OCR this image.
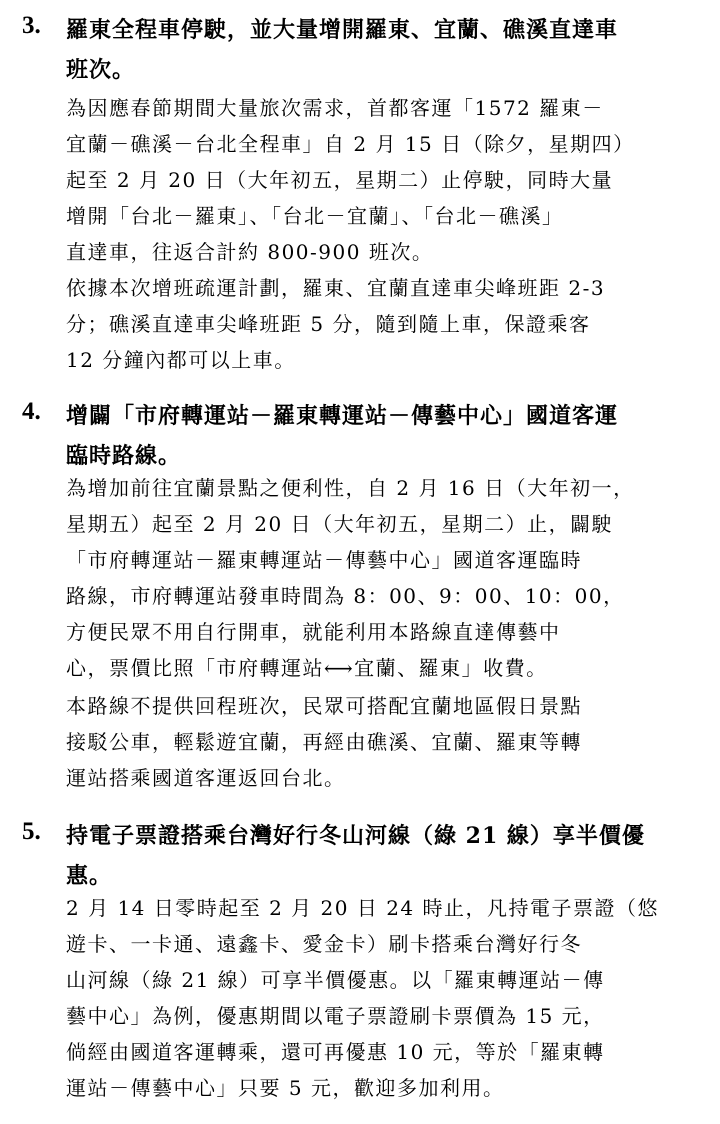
3. 羅東全程車停駛，並大量增開羅東、宜蘭、礁溪直達車
班次。
為因應春節期間大量旅次需求，首都客運「1572 羅東－
宜蘭－礁溪－台北全程車」自 2 月 15 日（除夕，星期四）
起至 2 月 20 日（大年初五，星期二）止停駛，同時大量
增開「台北－羅東」、「台北－宜蘭」、「台北－礁溪」
直達車，往返合計約 800-900 班次。
依據本次增班疏運計劃，羅東、宜蘭直達車尖峰班距 2-3
分；礁溪直達車尖峰班距 5 分，隨到隨上車，保證乘客
12 分鐘內都可以上車。
4. 增闢「市府轉運站－羅東轉運站－傳藝中心」國道客運
臨時路線。
為增加前往宜蘭景點之便利性，自 2 月 16 日（大年初一，
星期五）起至 2 月 20 日（大年初五，星期二）止，闢駛
「市府轉運站－羅東轉運站－傳藝中心」國道客運臨時
路線，市府轉運站發車時間為 8：00、9：00、10：00，
方便民眾不用自行開車，就能利用本路線直達傳藝中
心，票價比照「市府轉運站⟷宜蘭、羅東」收費。
本路線不提供回程班次，民眾可搭配宜蘭地區假日景點
接駁公車，輕鬆遊宜蘭，再經由礁溪、宜蘭、羅東等轉
運站搭乘國道客運返回台北。
5. 持電子票證搭乘台灣好行冬山河線（綠 21 線）享半價優
惠。
2 月 14 日零時起至 2 月 20 日 24 時止，凡持電子票證（悠
遊卡、一卡通、遠鑫卡、愛金卡）刷卡搭乘台灣好行冬
山河線（綠 21 線）可享半價優惠。以「羅東轉運站－傳
藝中心」為例，優惠期間以電子票證刷卡票價為 15 元，
倘經由國道客運轉乘，還可再優惠 10 元，等於「羅東轉
運站－傳藝中心」只要 5 元，歡迎多加利用。
